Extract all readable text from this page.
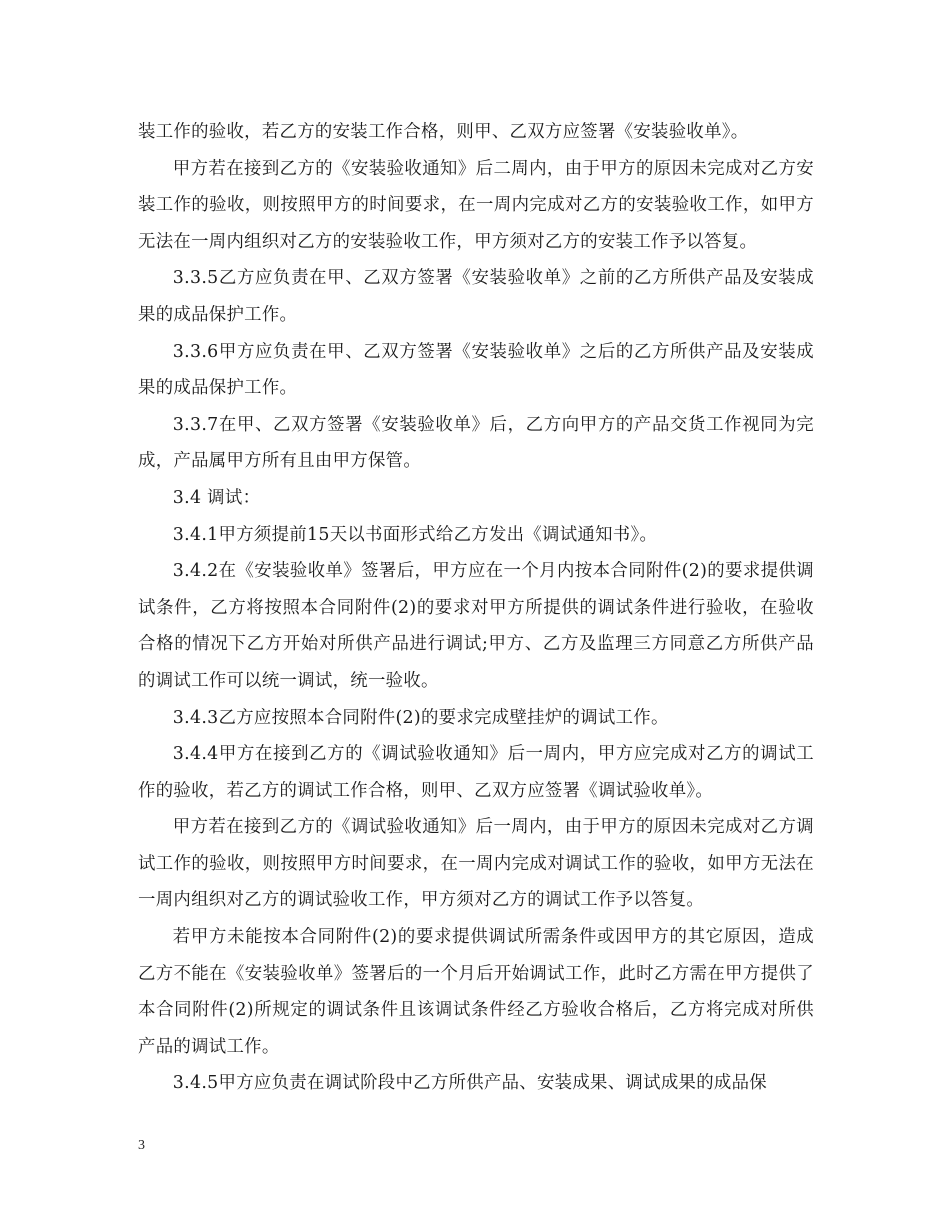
装工作的验收，若乙方的安装工作合格，则甲、乙双方应签署《安装验收单》。

甲方若在接到乙方的《安装验收通知》后二周内，由于甲方的原因未完成对乙方安装工作的验收，则按照甲方的时间要求，在一周内完成对乙方的安装验收工作，如甲方无法在一周内组织对乙方的安装验收工作，甲方须对乙方的安装工作予以答复。

3.3.5乙方应负责在甲、乙双方签署《安装验收单》之前的乙方所供产品及安装成果的成品保护工作。

3.3.6甲方应负责在甲、乙双方签署《安装验收单》之后的乙方所供产品及安装成果的成品保护工作。

3.3.7在甲、乙双方签署《安装验收单》后，乙方向甲方的产品交货工作视同为完成，产品属甲方所有且由甲方保管。

3.4 调试：

3.4.1甲方须提前15天以书面形式给乙方发出《调试通知书》。

3.4.2在《安装验收单》签署后，甲方应在一个月内按本合同附件(2)的要求提供调试条件，乙方将按照本合同附件(2)的要求对甲方所提供的调试条件进行验收，在验收合格的情况下乙方开始对所供产品进行调试;甲方、乙方及监理三方同意乙方所供产品的调试工作可以统一调试，统一验收。

3.4.3乙方应按照本合同附件(2)的要求完成壁挂炉的调试工作。

3.4.4甲方在接到乙方的《调试验收通知》后一周内，甲方应完成对乙方的调试工作的验收，若乙方的调试工作合格，则甲、乙双方应签署《调试验收单》。

甲方若在接到乙方的《调试验收通知》后一周内，由于甲方的原因未完成对乙方调试工作的验收，则按照甲方时间要求，在一周内完成对调试工作的验收，如甲方无法在一周内组织对乙方的调试验收工作，甲方须对乙方的调试工作予以答复。

若甲方未能按本合同附件(2)的要求提供调试所需条件或因甲方的其它原因，造成乙方不能在《安装验收单》签署后的一个月后开始调试工作，此时乙方需在甲方提供了本合同附件(2)所规定的调试条件且该调试条件经乙方验收合格后，乙方将完成对所供产品的调试工作。

3.4.5甲方应负责在调试阶段中乙方所供产品、安装成果、调试成果的成品保

3
